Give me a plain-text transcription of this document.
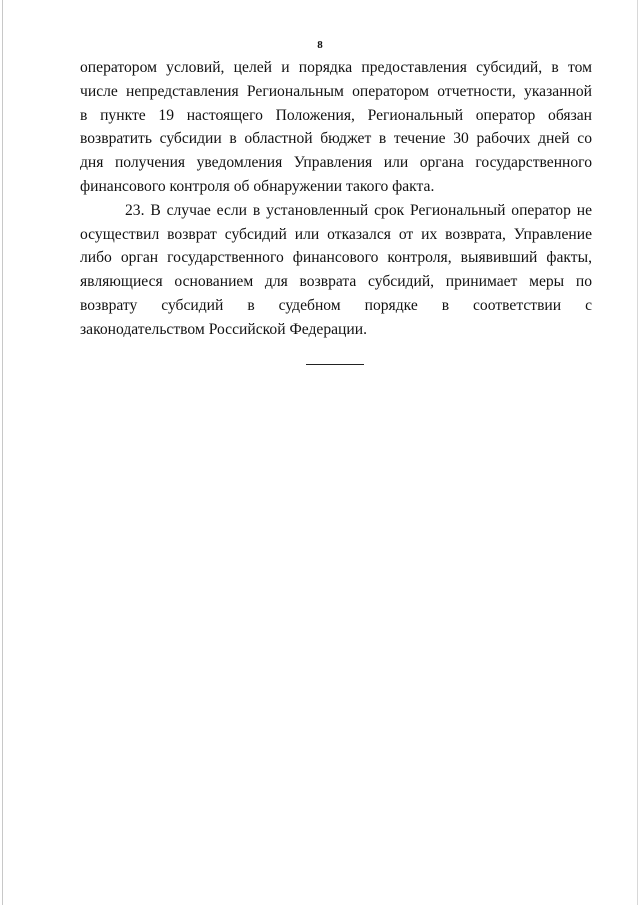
8

оператором условий, целей и порядка предоставления субсидий, в том
числе непредставления Региональным оператором отчетности, указанной
в пункте 19 настоящего Положения, Региональный оператор обязан
возвратить субсидии в областной бюджет в течение 30 рабочих дней со
дня получения уведомления Управления или органа государственного
финансового контроля об обнаружении такого факта.

23. В случае если в установленный срок Региональный оператор не
осуществил возврат субсидий или отказался от их возврата, Управление
либо орган государственного финансового контроля, выявивший факты,
являющиеся основанием для возврата субсидий, принимает меры по
возврату субсидий в судебном порядке в соответствии с
законодательством Российской Федерации.
